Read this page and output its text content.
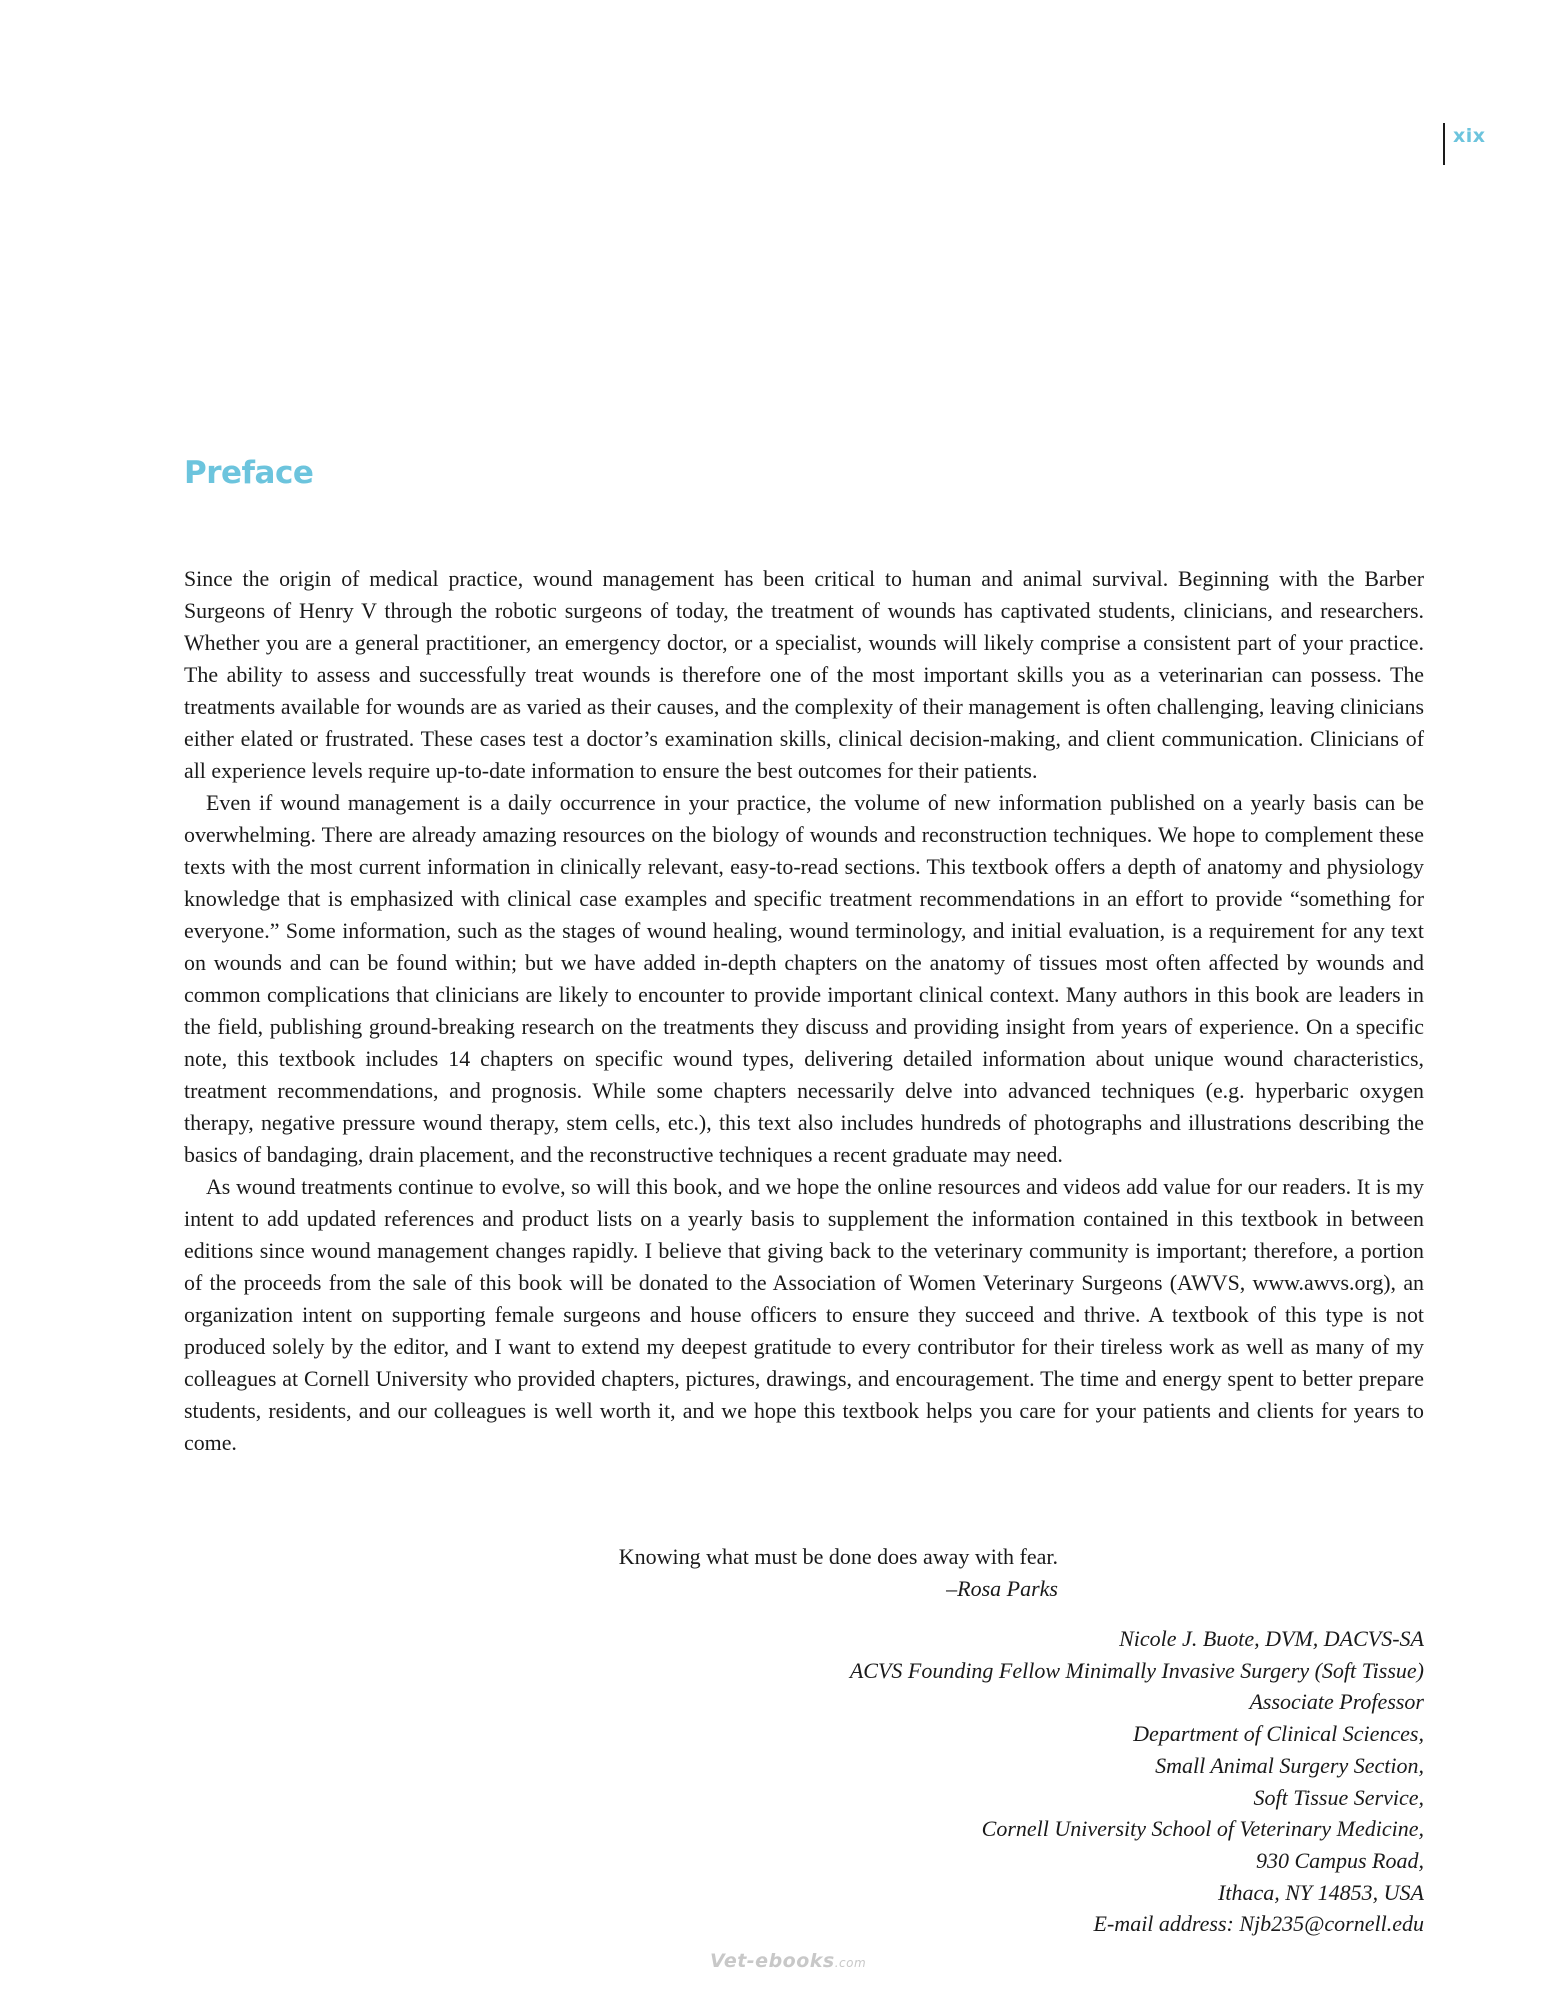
xix
Preface

Since the origin of medical practice, wound management has been critical to human and animal survival. Beginning with the Barber Surgeons of Henry V through the robotic surgeons of today, the treatment of wounds has captivated students, clinicians, and researchers. Whether you are a general practitioner, an emergency doctor, or a specialist, wounds will likely comprise a consistent part of your practice. The ability to assess and successfully treat wounds is therefore one of the most important skills you as a veterinarian can possess. The treatments available for wounds are as varied as their causes, and the complexity of their management is often challenging, leaving clinicians either elated or frustrated. These cases test a doctor’s examination skills, clinical decision-making, and client communication. Clinicians of all experience levels require up-to-date information to ensure the best outcomes for their patients.

Even if wound management is a daily occurrence in your practice, the volume of new information published on a yearly basis can be overwhelming. There are already amazing resources on the biology of wounds and reconstruction techniques. We hope to complement these texts with the most current information in clinically relevant, easy-to-read sections. This textbook offers a depth of anatomy and physiology knowledge that is emphasized with clinical case examples and specific treatment recommendations in an effort to provide “something for everyone.” Some information, such as the stages of wound healing, wound terminology, and initial evaluation, is a requirement for any text on wounds and can be found within; but we have added in-depth chapters on the anatomy of tissues most often affected by wounds and common complications that clinicians are likely to encounter to provide important clinical context. Many authors in this book are leaders in the field, publishing ground-breaking research on the treatments they discuss and providing insight from years of experience. On a specific note, this textbook includes 14 chapters on specific wound types, delivering detailed information about unique wound characteristics, treatment recommendations, and prognosis. While some chapters necessarily delve into advanced techniques (e.g. hyperbaric oxygen therapy, negative pressure wound therapy, stem cells, etc.), this text also includes hundreds of photographs and illustrations describing the basics of bandaging, drain placement, and the reconstructive techniques a recent graduate may need.

As wound treatments continue to evolve, so will this book, and we hope the online resources and videos add value for our readers. It is my intent to add updated references and product lists on a yearly basis to supplement the information contained in this textbook in between editions since wound management changes rapidly. I believe that giving back to the veterinary community is important; therefore, a portion of the proceeds from the sale of this book will be donated to the Association of Women Veterinary Surgeons (AWVS, www.awvs.org), an organization intent on supporting female surgeons and house officers to ensure they succeed and thrive. A textbook of this type is not produced solely by the editor, and I want to extend my deepest gratitude to every contributor for their tireless work as well as many of my colleagues at Cornell University who provided chapters, pictures, drawings, and encouragement. The time and energy spent to better prepare students, residents, and our colleagues is well worth it, and we hope this textbook helps you care for your patients and clients for years to come.

Knowing what must be done does away with fear.
–Rosa Parks
Nicole J. Buote, DVM, DACVS-SA
ACVS Founding Fellow Minimally Invasive Surgery (Soft Tissue)
Associate Professor
Department of Clinical Sciences,
Small Animal Surgery Section,
Soft Tissue Service,
Cornell University School of Veterinary Medicine,
930 Campus Road,
Ithaca, NY 14853, USA
E-mail address: Njb235@cornell.edu
Vet-ebooks.com
